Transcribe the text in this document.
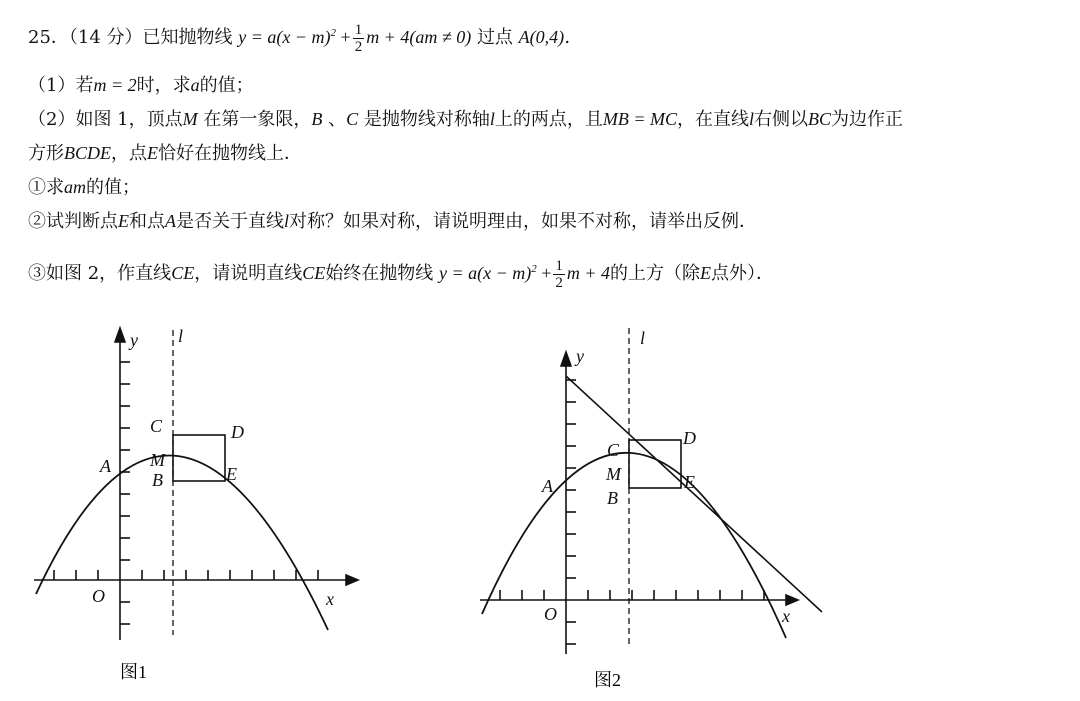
25．（14 分）已知抛物线 $y = a(x - m)^2 + \frac{1}{2}$ m + 4(am ≠ 0) 过点 A(0,4)．
（1）若m = 2时，求a的值；
（2）如图 1，顶点M 在第一象限，B 、C 是抛物线对称轴l上的两点，且MB = MC，在直线l右侧以BC为边作正
方形BCDE，点E恰好在抛物线上．
①求am的值；
②试判断点E和点A是否关于直线l对称？如果对称，请说明理由，如果不对称，请举出反例．
③如图 2，作直线CE，请说明直线CE始终在抛物线 $y = a(x - m)^2 + \frac{1}{2}$ m + 4的上方（除E点外）．
y l
x
O
A
C
M
B
D
E
图1
y
l
x
O
A
C
M
B
D
E
图2
